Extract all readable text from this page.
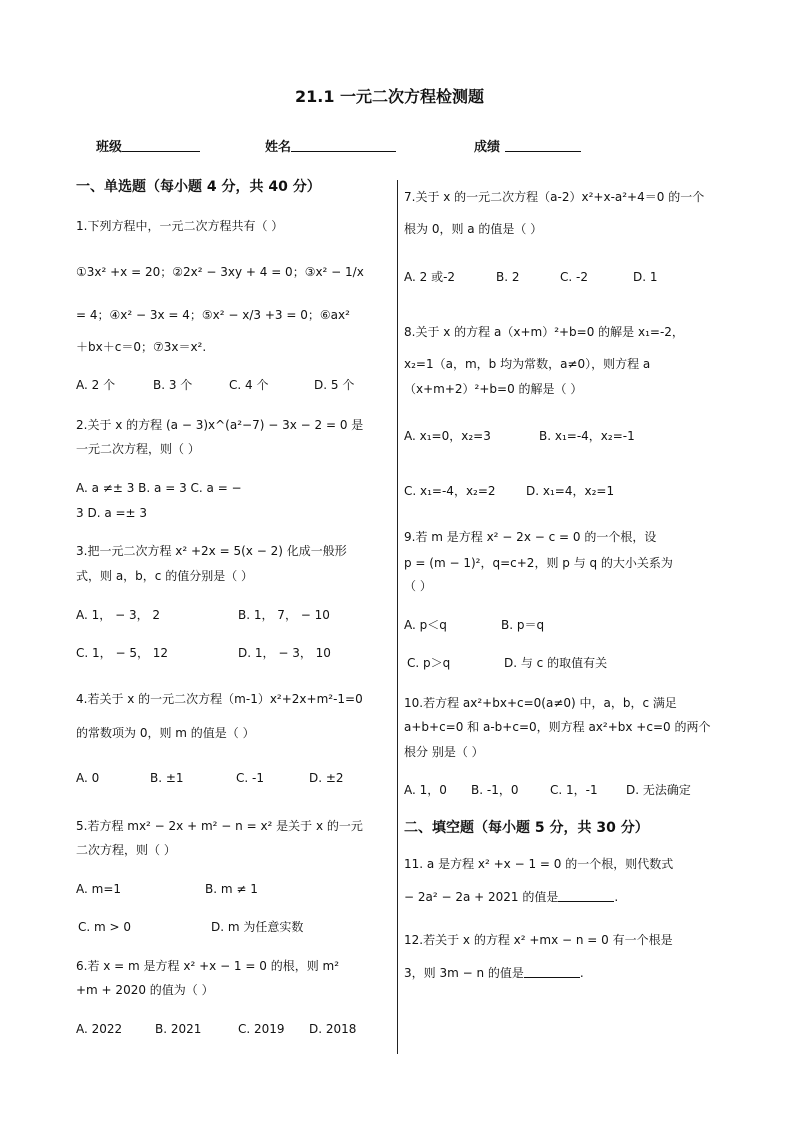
21.1 一元二次方程检测题
班级	姓名	成绩
一、单选题（每小题 4 分，共 40 分）
1.下列方程中，一元二次方程共有（ ）
①3x² +x = 20；②2x² − 3xy + 4 = 0；③x² − 1/x
= 4；④x² − 3x = 4；⑤x² − x/3 +3 = 0；⑥ax²
＋bx＋c＝0；⑦3x＝x².
A. 2 个	B. 3 个	C. 4 个	D. 5 个
2.关于 x 的方程 (a − 3)x^(a²−7) − 3x − 2 = 0 是
一元二次方程，则（ ）
A. a ≠± 3 B. a = 3 C. a = −
3 D. a =± 3
3.把一元二次方程 x² +2x = 5(x − 2) 化成一般形
式，则 a，b，c 的值分别是（ ）
A. 1， − 3， 2	B. 1， 7， − 10
C. 1， − 5， 12	D. 1， − 3， 10
4.若关于 x 的一元二次方程（m-1）x²+2x+m²-1=0
的常数项为 0，则 m 的值是（ ）
A. 0	B. ±1	C. -1	D. ±2
5.若方程 mx² − 2x + m² − n = x² 是关于 x 的一元
二次方程，则（ ）
A. m=1	B. m ≠ 1
C. m > 0	D. m 为任意实数
6.若 x = m 是方程 x² +x − 1 = 0 的根，则 m²
+m + 2020 的值为（ ）
A. 2022	B. 2021	C. 2019 D. 2018
7.关于 x 的一元二次方程（a-2）x²+x-a²+4＝0 的一个
根为 0，则 a 的值是（ ）
A. 2 或-2	B. 2	C. -2	D. 1
8.关于 x 的方程 a（x+m）²+b=0 的解是 x₁=-2，
x₂=1（a，m，b 均为常数，a≠0），则方程 a
（x+m+2）²+b=0 的解是（ ）
A. x₁=0，x₂=3	B. x₁=-4，x₂=-1
C. x₁=-4，x₂=2	D. x₁=4，x₂=1
9.若 m 是方程 x² − 2x − c = 0 的一个根，设
p = (m − 1)²，q=c+2，则 p 与 q 的大小关系为
（ ）
A. p＜q	B. p＝q
C. p＞q	D. 与 c 的取值有关
10.若方程 ax²+bx+c=0(a≠0) 中，a，b，c 满足
a+b+c=0 和 a-b+c=0，则方程 ax²+bx +c=0 的两个
根分 别是（ ）
A. 1，0 B. -1，0	C. 1，-1 D. 无法确定
二、填空题（每小题 5 分，共 30 分）
11. a 是方程 x² +x − 1 = 0 的一个根，则代数式
− 2a² − 2a + 2021 的值是	.
12.若关于 x 的方程 x² +mx − n = 0 有一个根是
3，则 3m − n 的值是	.
